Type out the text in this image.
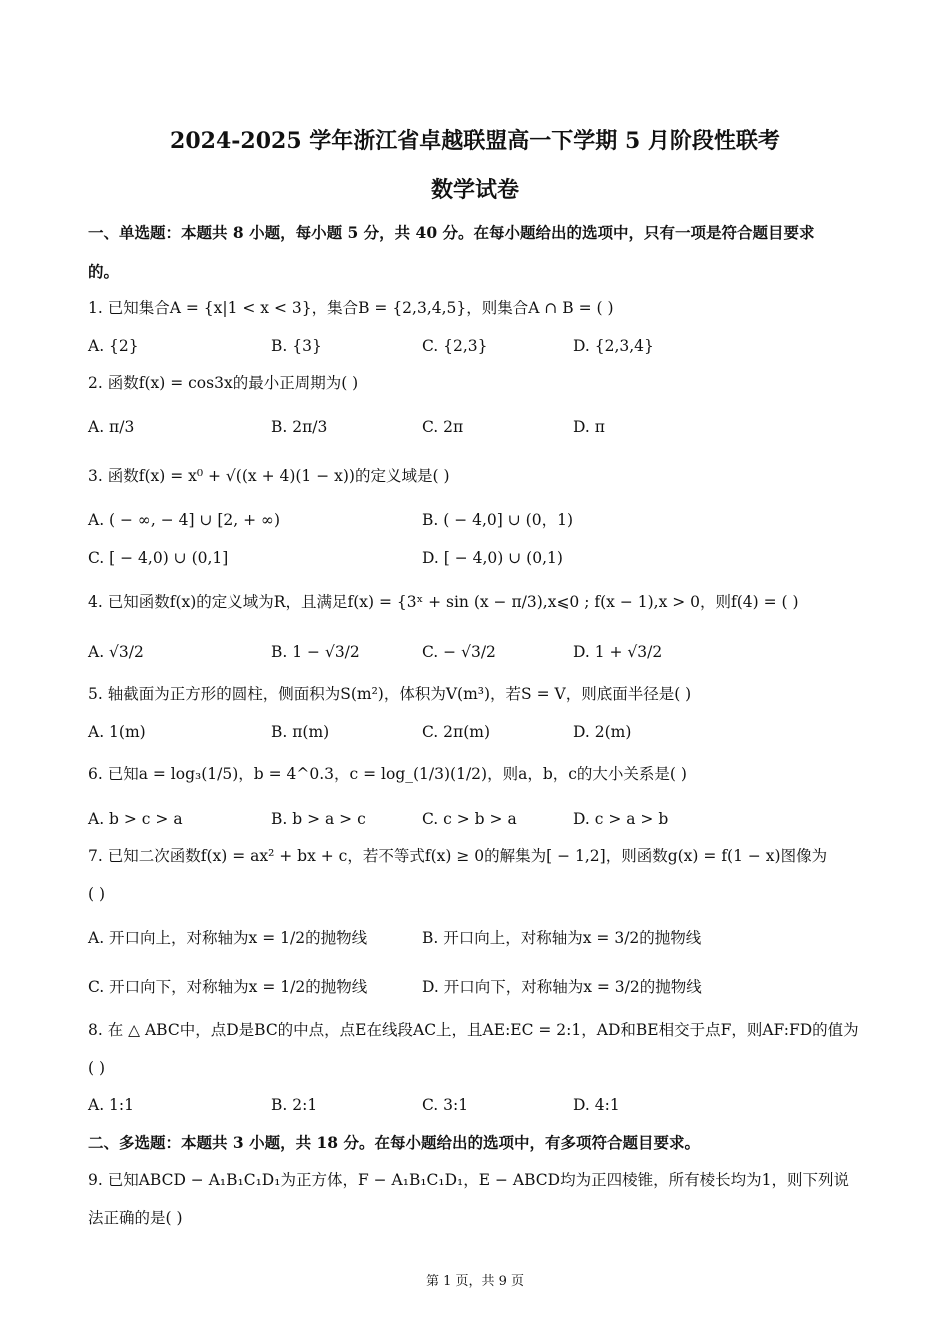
2024-2025 学年浙江省卓越联盟高一下学期 5 月阶段性联考
数学试卷
一、单选题：本题共 8 小题，每小题 5 分，共 40 分。在每小题给出的选项中，只有一项是符合题目要求
的。
1. 已知集合A = {x|1 < x < 3}，集合B = {2,3,4,5}，则集合A ∩ B = ( )
A. {2}	B. {3}	C. {2,3}	D. {2,3,4}
2. 函数f(x) = cos3x的最小正周期为( )
A. π/3	B. 2π/3	C. 2π	D. π
3. 函数f(x) = x⁰ + √((x + 4)(1 − x))的定义域是( )
A. ( − ∞, − 4] ∪ [2, + ∞)	B. ( − 4,0] ∪ (0，1)
C. [ − 4,0) ∪ (0,1]	D. [ − 4,0) ∪ (0,1)
4. 已知函数f(x)的定义域为R，且满足f(x) = {3ˣ + sin (x − π/3),x⩽0 ; f(x − 1),x > 0，则f(4) = ( )
A. √3/2	B. 1 − √3/2	C. − √3/2	D. 1 + √3/2
5. 轴截面为正方形的圆柱，侧面积为S(m²)，体积为V(m³)，若S = V，则底面半径是( )
A. 1(m)	B. π(m)	C. 2π(m)	D. 2(m)
6. 已知a = log₃(1/5)，b = 4^0.3，c = log_(1/3)(1/2)，则a，b，c的大小关系是( )
A. b > c > a	B. b > a > c	C. c > b > a	D. c > a > b
7. 已知二次函数f(x) = ax² + bx + c，若不等式f(x) ≥ 0的解集为[ − 1,2]，则函数g(x) = f(1 − x)图像为
( )
A. 开口向上，对称轴为x = 1/2的抛物线	B. 开口向上，对称轴为x = 3/2的抛物线
C. 开口向下，对称轴为x = 1/2的抛物线	D. 开口向下，对称轴为x = 3/2的抛物线
8. 在 △ ABC中，点D是BC的中点，点E在线段AC上，且AE:EC = 2:1，AD和BE相交于点F，则AF:FD的值为
( )
A. 1:1	B. 2:1	C. 3:1	D. 4:1
二、多选题：本题共 3 小题，共 18 分。在每小题给出的选项中，有多项符合题目要求。
9. 已知ABCD − A₁B₁C₁D₁为正方体，F − A₁B₁C₁D₁，E − ABCD均为正四棱锥，所有棱长均为1，则下列说
法正确的是( )
第 1 页，共 9 页
